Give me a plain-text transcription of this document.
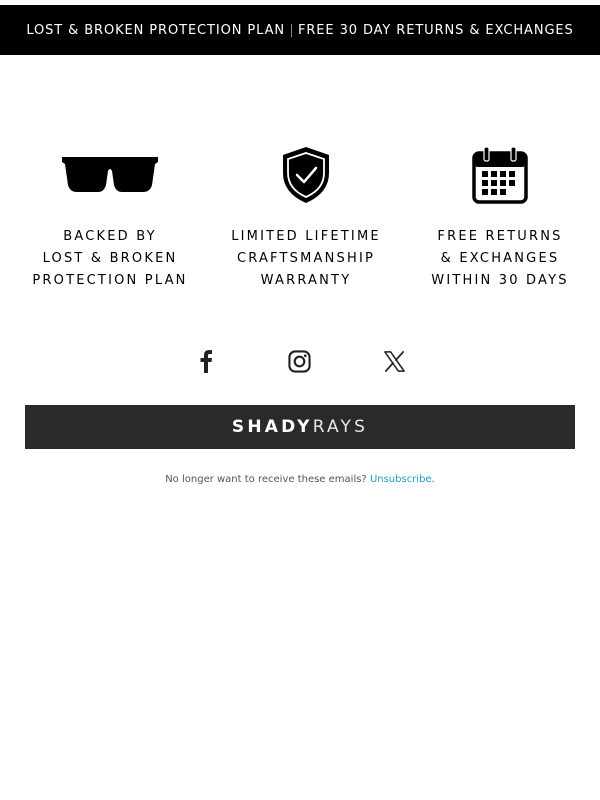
LOST & BROKEN PROTECTION PLAN FREE 30 DAY RETURNS & EXCHANGES
BACKED BY
LOST & BROKEN
PROTECTION PLAN
LIMITED LIFETIME
CRAFTSMANSHIP
WARRANTY
FREE RETURNS
& EXCHANGES
WITHIN 30 DAYS
SHADY RAYS
No longer want to receive these emails? Unsubscribe.
